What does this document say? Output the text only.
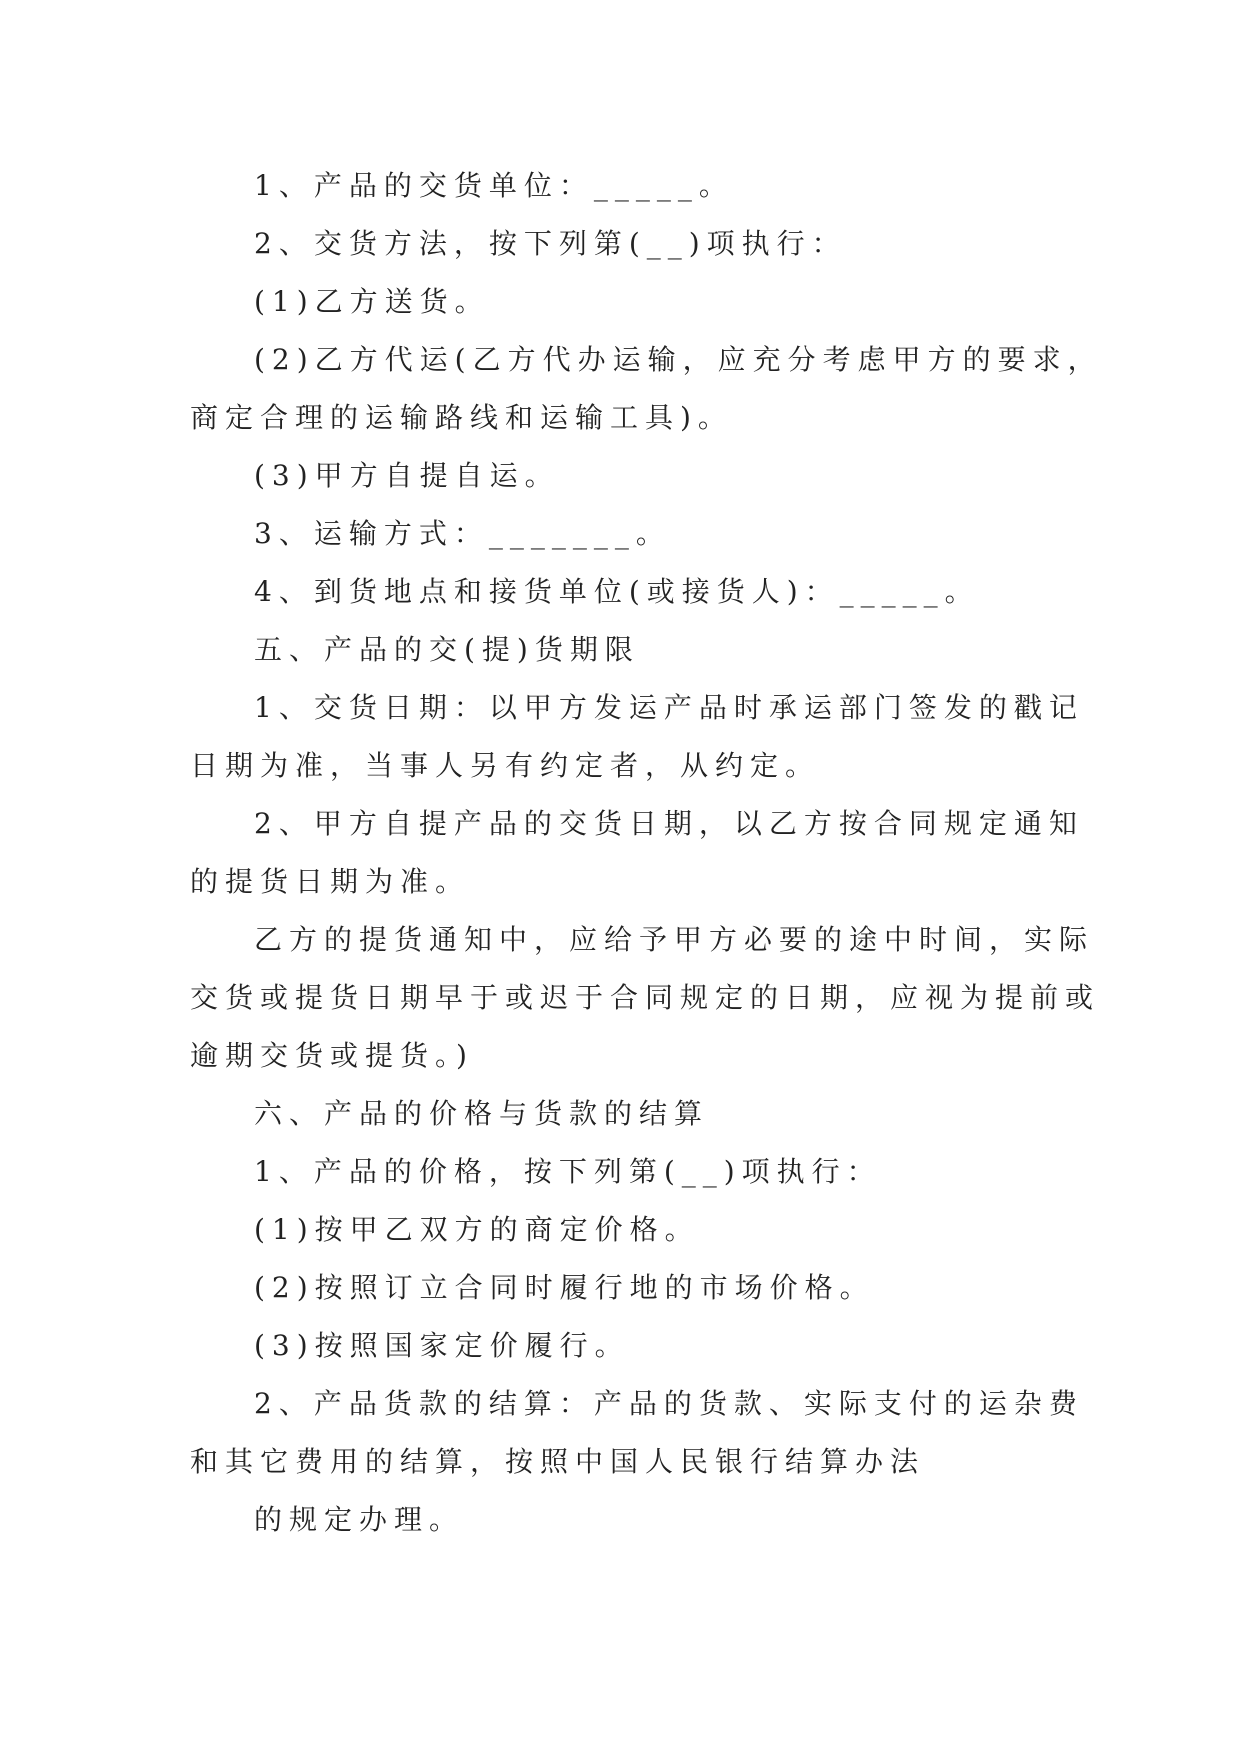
1、产品的交货单位：_____。

2、交货方法，按下列第(__)项执行：

(1)乙方送货。

(2)乙方代运(乙方代办运输，应充分考虑甲方的要求，

商定合理的运输路线和运输工具)。

(3)甲方自提自运。

3、运输方式：_______。

4、到货地点和接货单位(或接货人)：_____。

五、产品的交(提)货期限

1、交货日期：以甲方发运产品时承运部门签发的戳记

日期为准，当事人另有约定者，从约定。

2、甲方自提产品的交货日期，以乙方按合同规定通知

的提货日期为准。

乙方的提货通知中，应给予甲方必要的途中时间，实际

交货或提货日期早于或迟于合同规定的日期，应视为提前或

逾期交货或提货。)

六、产品的价格与货款的结算

1、产品的价格，按下列第(__)项执行：

(1)按甲乙双方的商定价格。

(2)按照订立合同时履行地的市场价格。

(3)按照国家定价履行。

2、产品货款的结算：产品的货款、实际支付的运杂费

和其它费用的结算，按照中国人民银行结算办法

的规定办理。
